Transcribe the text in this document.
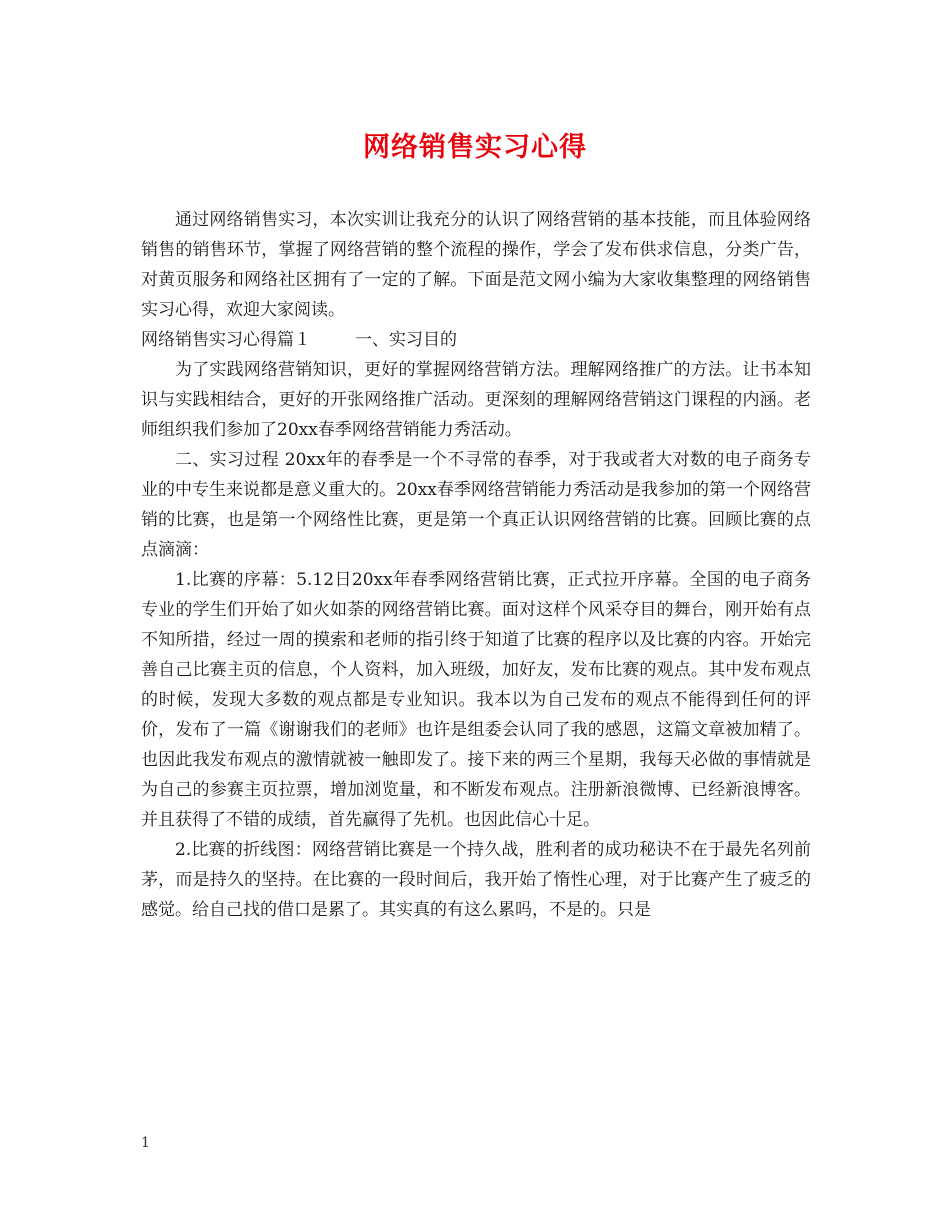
网络销售实习心得

通过网络销售实习，本次实训让我充分的认识了网络营销的基本技能，而且体验网络销售的销售环节，掌握了网络营销的整个流程的操作，学会了发布供求信息，分类广告，对黄页服务和网络社区拥有了一定的了解。下面是范文网小编为大家收集整理的网络销售实习心得，欢迎大家阅读。

网络销售实习心得篇１	一、实习目的

为了实践网络营销知识，更好的掌握网络营销方法。理解网络推广的方法。让书本知识与实践相结合，更好的开张网络推广活动。更深刻的理解网络营销这门课程的内涵。老师组织我们参加了20xx春季网络营销能力秀活动。

二、实习过程 20xx年的春季是一个不寻常的春季，对于我或者大对数的电子商务专业的中专生来说都是意义重大的。20xx春季网络营销能力秀活动是我参加的第一个网络营销的比赛，也是第一个网络性比赛，更是第一个真正认识网络营销的比赛。回顾比赛的点点滴滴：

1.比赛的序幕：5.12日20xx年春季网络营销比赛，正式拉开序幕。全国的电子商务专业的学生们开始了如火如荼的网络营销比赛。面对这样个风采夺目的舞台，刚开始有点不知所措，经过一周的摸索和老师的指引终于知道了比赛的程序以及比赛的内容。开始完善自己比赛主页的信息，个人资料，加入班级，加好友，发布比赛的观点。其中发布观点的时候，发现大多数的观点都是专业知识。我本以为自己发布的观点不能得到任何的评价，发布了一篇《谢谢我们的老师》也许是组委会认同了我的感恩，这篇文章被加精了。也因此我发布观点的激情就被一触即发了。接下来的两三个星期，我每天必做的事情就是为自己的参赛主页拉票，增加浏览量，和不断发布观点。注册新浪微博、已经新浪博客。并且获得了不错的成绩，首先赢得了先机。也因此信心十足。

2.比赛的折线图：网络营销比赛是一个持久战，胜利者的成功秘诀不在于最先名列前茅，而是持久的坚持。在比赛的一段时间后，我开始了惰性心理，对于比赛产生了疲乏的感觉。给自己找的借口是累了。其实真的有这么累吗，不是的。只是

1
